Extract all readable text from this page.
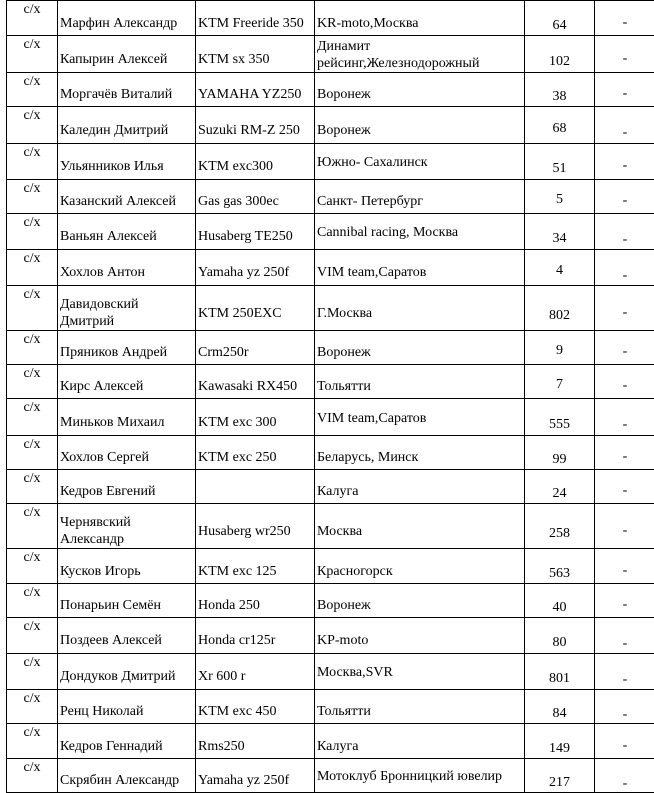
с/х	Марфин Александр	KTM Freeride 350	KR-moto,Москва	64	-

с/х	Капырин Алексей	KTM sx 350	Динамит рейсинг,Железнодорожный	102	-

с/х	Моргачёв Виталий	YAMAHA YZ250	Воронеж	38	-

с/х	Каледин Дмитрий	Suzuki RM-Z 250	Воронеж	68	-

с/х	Ульянников Илья	KTM exc300	Южно- Сахалинск	51	-

с/х	Казанский Алексей	Gas gas 300ec	Санкт- Петербург	5	-

с/х	Ваньян Алексей	Husaberg TE250	Cannibal racing, Москва	34	-

с/х	Хохлов Антон	Yamaha yz 250f	VIM team,Саратов	4	-

с/х	Давидовский Дмитрий	KTM 250EXC	Г.Москва	802	-

с/х	Пряников Андрей	Crm250r	Воронеж	9	-

с/х	Кирс Алексей	Kawasaki RX450	Тольятти	7	-

с/х	Миньков Михаил	KTM exc 300	VIM team,Саратов	555	-

с/х	Хохлов Сергей	KTM exc 250	Беларусь, Минск	99	-

с/х	Кедров Евгений		Калуга	24	-

с/х	Чернявский Александр	Husaberg wr250	Москва	258	-

с/х	Кусков Игорь	KTM exc 125	Красногорск	563	-

с/х	Понарьин Семён	Honda 250	Воронеж	40	-

с/х	Поздеев Алексей	Honda cr125r	KP-moto	80	-

с/х	Дондуков Дмитрий	Xr 600 r	Москва,SVR	801	-

с/х	Ренц Николай	KTM exc 450	Тольятти	84	-

с/х	Кедров Геннадий	Rms250	Калуга	149	-

с/х	Скрябин Александр	Yamaha yz 250f	Мотоклуб Бронницкий ювелир	217	-
